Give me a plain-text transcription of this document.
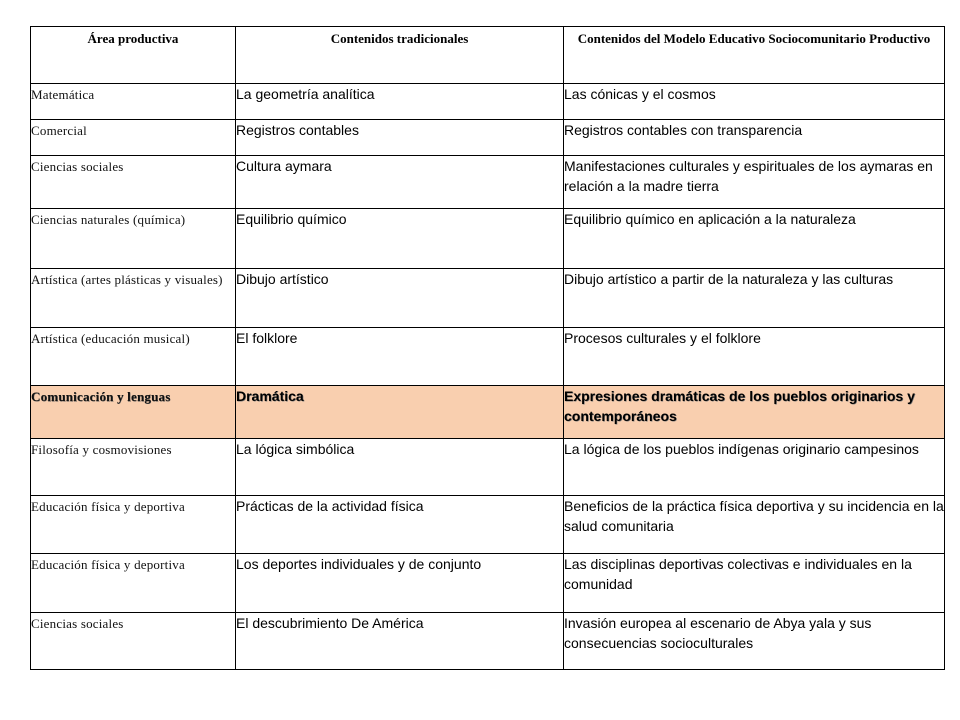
Área productiva	Contenidos tradicionales	Contenidos del Modelo Educativo Sociocomunitario Productivo
Matemática	La geometría analítica	Las cónicas y el cosmos
Comercial	Registros contables	Registros contables con transparencia
Ciencias sociales	Cultura aymara	Manifestaciones culturales y espirituales de los aymaras en relación a la madre tierra
Ciencias naturales (química)	Equilibrio químico	Equilibrio químico en aplicación a la naturaleza
Artística (artes plásticas y visuales)	Dibujo artístico	Dibujo artístico a partir de la naturaleza y las culturas
Artística (educación musical)	El folklore	Procesos culturales y el folklore
Comunicación y lenguas	Dramática	Expresiones dramáticas de los pueblos originarios y contemporáneos
Filosofía y cosmovisiones	La lógica simbólica	La lógica de los pueblos indígenas originario campesinos
Educación física y deportiva	Prácticas de la actividad física	Beneficios de la práctica física deportiva y su incidencia en la salud comunitaria
Educación física y deportiva	Los deportes individuales y de conjunto	Las disciplinas deportivas colectivas e individuales en la comunidad
Ciencias sociales	El descubrimiento De América	Invasión europea al escenario de Abya yala y sus consecuencias socioculturales
